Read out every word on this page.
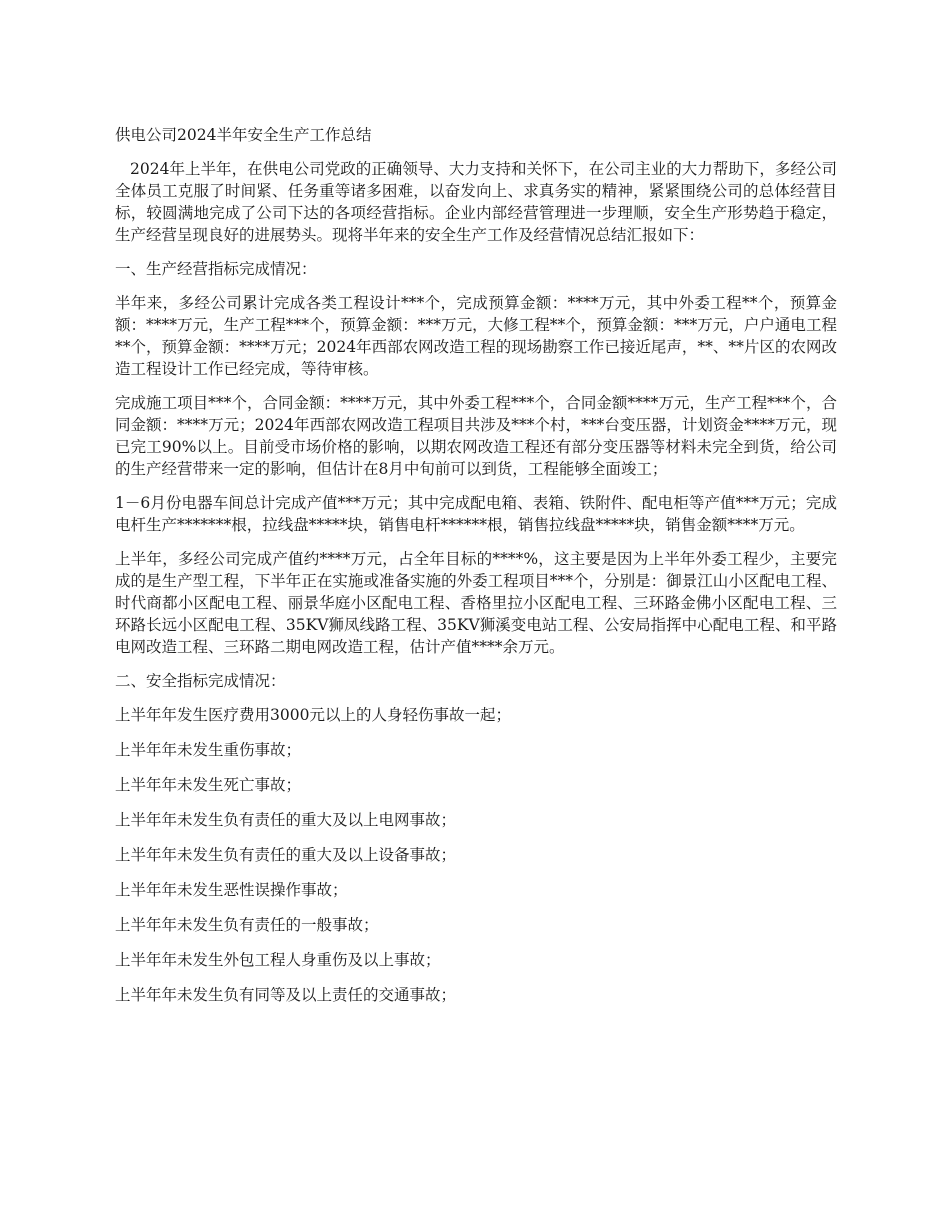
供电公司2024半年安全生产工作总结

2024年上半年，在供电公司党政的正确领导、大力支持和关怀下，在公司主业的大力帮助下，多经公司全体员工克服了时间紧、任务重等诸多困难，以奋发向上、求真务实的精神，紧紧围绕公司的总体经营目标，较圆满地完成了公司下达的各项经营指标。企业内部经营管理进一步理顺，安全生产形势趋于稳定，生产经营呈现良好的进展势头。现将半年来的安全生产工作及经营情况总结汇报如下：

一、生产经营指标完成情况：

半年来，多经公司累计完成各类工程设计***个，完成预算金额：****万元，其中外委工程**个，预算金额：****万元，生产工程***个，预算金额：***万元，大修工程**个，预算金额：***万元，户户通电工程**个，预算金额：****万元；2024年西部农网改造工程的现场勘察工作已接近尾声，**、**片区的农网改造工程设计工作已经完成，等待审核。

完成施工项目***个，合同金额：****万元，其中外委工程***个，合同金额****万元，生产工程***个，合同金额：****万元；2024年西部农网改造工程项目共涉及***个村，***台变压器，计划资金****万元，现已完工90%以上。目前受市场价格的影响，以期农网改造工程还有部分变压器等材料未完全到货，给公司的生产经营带来一定的影响，但估计在8月中旬前可以到货，工程能够全面竣工；

1－6月份电器车间总计完成产值***万元；其中完成配电箱、表箱、铁附件、配电柜等产值***万元；完成电杆生产*******根，拉线盘*****块，销售电杆******根，销售拉线盘*****块，销售金额****万元。

上半年，多经公司完成产值约****万元，占全年目标的****%，这主要是因为上半年外委工程少，主要完成的是生产型工程，下半年正在实施或准备实施的外委工程项目***个，分别是：御景江山小区配电工程、时代商都小区配电工程、丽景华庭小区配电工程、香格里拉小区配电工程、三环路金佛小区配电工程、三环路长远小区配电工程、35KV狮凤线路工程、35KV狮溪变电站工程、公安局指挥中心配电工程、和平路电网改造工程、三环路二期电网改造工程，估计产值****余万元。

二、安全指标完成情况：

上半年年发生医疗费用3000元以上的人身轻伤事故一起；

上半年年未发生重伤事故；

上半年年未发生死亡事故；

上半年年未发生负有责任的重大及以上电网事故；

上半年年未发生负有责任的重大及以上设备事故；

上半年年未发生恶性误操作事故；

上半年年未发生负有责任的一般事故；

上半年年未发生外包工程人身重伤及以上事故；

上半年年未发生负有同等及以上责任的交通事故；
